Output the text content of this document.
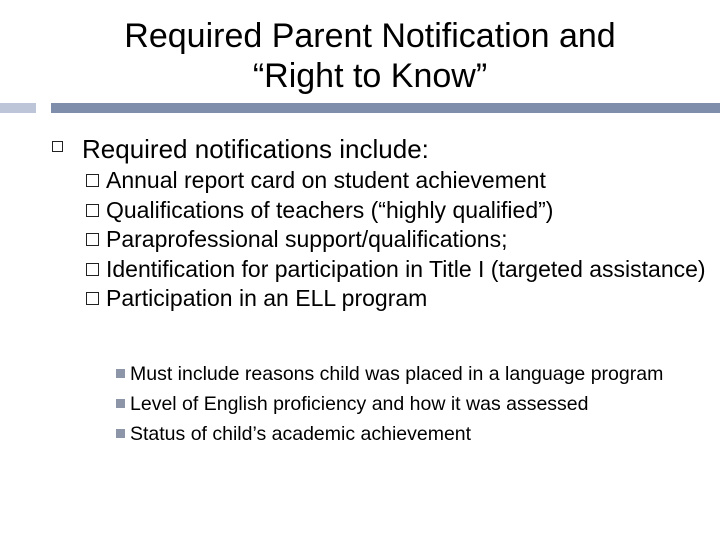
Required Parent Notification and
“Right to Know”
Required notifications include:
Annual report card on student achievement
Qualifications of teachers (“highly qualified”)
Paraprofessional support/qualifications;
Identification for participation in Title I (targeted assistance)
Participation in an ELL program
Must include reasons child was placed in a language program
Level of English proficiency and how it was assessed
Status of child’s academic achievement
